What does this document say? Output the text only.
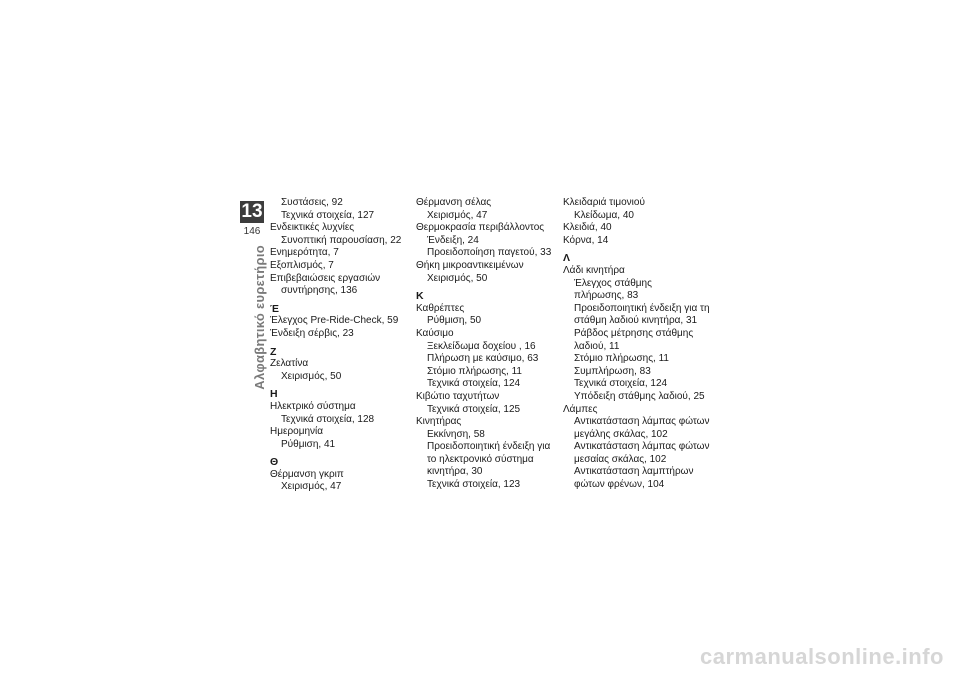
13
146
Αλφαβητικό ευρετήριο
Συστάσεις, 92
Τεχνικά στοιχεία, 127
Ενδεικτικές λυχνίες
Συνοπτική παρουσίαση, 22
Ενημερότητα, 7
Εξοπλισμός, 7
Επιβεβαιώσεις εργασιών
συντήρησης, 136
Έ
Έλεγχος Pre-Ride-Check, 59
Ένδειξη σέρβις, 23
Ζ
Ζελατίνα
Χειρισμός, 50
Η
Ηλεκτρικό σύστημα
Τεχνικά στοιχεία, 128
Ημερομηνία
Ρύθμιση, 41
Θ
Θέρμανση γκριπ
Χειρισμός, 47
Θέρμανση σέλας
Χειρισμός, 47
Θερμοκρασία περιβάλλοντος
Ένδειξη, 24
Προειδοποίηση παγετού, 33
Θήκη μικροαντικειμένων
Χειρισμός, 50
Κ
Καθρέπτες
Ρύθμιση, 50
Καύσιμο
Ξεκλείδωμα δοχείου , 16
Πλήρωση με καύσιμο, 63
Στόμιο πλήρωσης, 11
Τεχνικά στοιχεία, 124
Κιβώτιο ταχυτήτων
Τεχνικά στοιχεία, 125
Κινητήρας
Εκκίνηση, 58
Προειδοποιητική ένδειξη για
το ηλεκτρονικό σύστημα
κινητήρα, 30
Τεχνικά στοιχεία, 123
Κλειδαριά τιμονιού
Κλείδωμα, 40
Κλειδιά, 40
Κόρνα, 14
Λ
Λάδι κινητήρα
Έλεγχος στάθμης
πλήρωσης, 83
Προειδοποιητική ένδειξη για τη
στάθμη λαδιού κινητήρα, 31
Ράβδος μέτρησης στάθμης
λαδιού, 11
Στόμιο πλήρωσης, 11
Συμπλήρωση, 83
Τεχνικά στοιχεία, 124
Υπόδειξη στάθμης λαδιού, 25
Λάμπες
Αντικατάσταση λάμπας φώτων
μεγάλης σκάλας, 102
Αντικατάσταση λάμπας φώτων
μεσαίας σκάλας, 102
Αντικατάσταση λαμπτήρων
φώτων φρένων, 104
carmanualsonline.info
